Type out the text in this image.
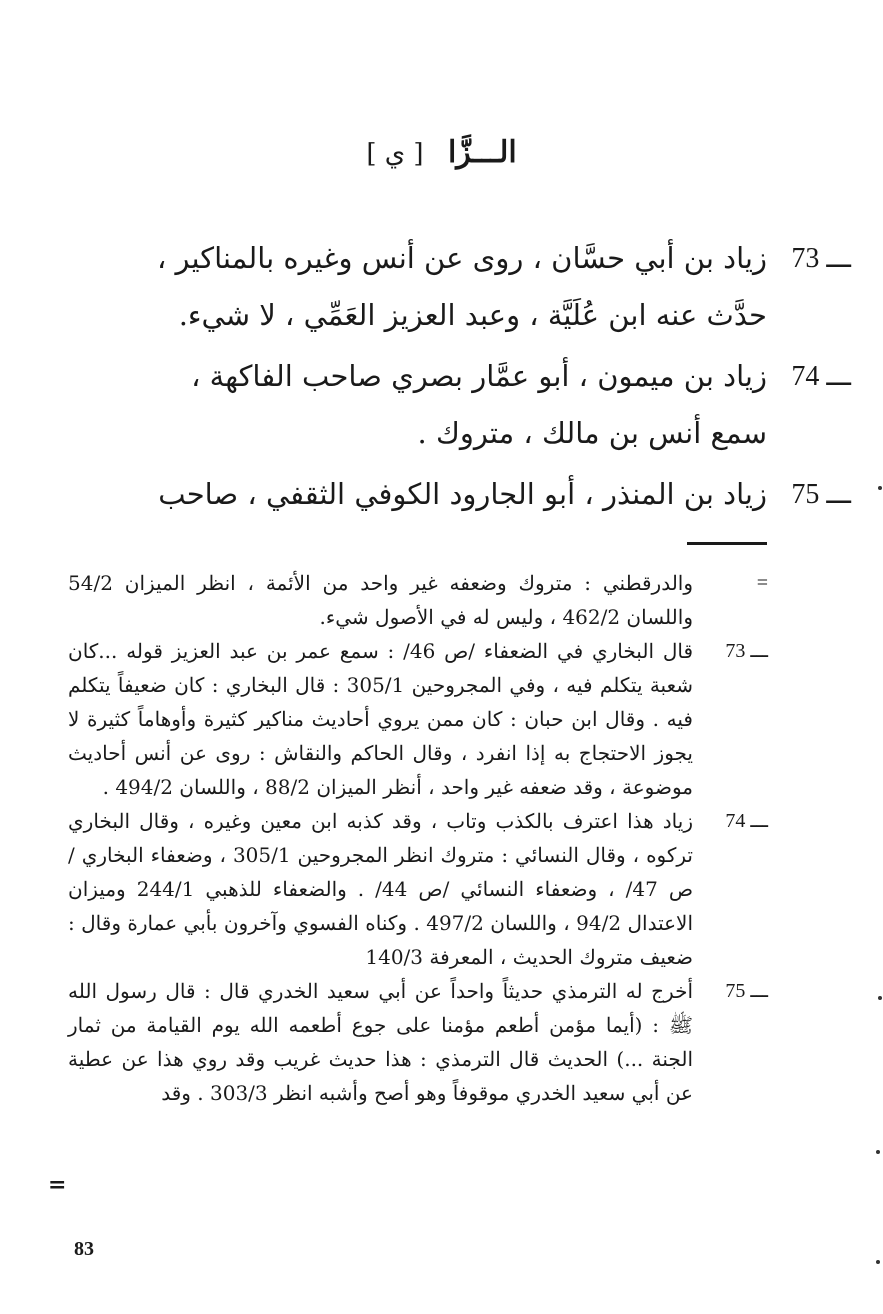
الـــزَّا [ ي ]
73 ـــ
زياد بن أبي حسَّان ، روى عن أنس وغيره بالمناكير ،
حدَّث عنه ابن عُلَيَّة ، وعبد العزيز العَمِّي ، لا شيء.
74 ـــ
زياد بن ميمون ، أبو عمَّار بصري صاحب الفاكهة ،
سمع أنس بن مالك ، متروك .
75 ـــ
زياد بن المنذر ، أبو الجارود الكوفي الثقفي ، صاحب
=
والدرقطني : متروك وضعفه غير واحد من الأئمة ، انظر الميزان 54/2 واللسان 462/2 ، وليس له في الأصول شيء.
73 ـــ
قال البخاري في الضعفاء /ص 46/ : سمع عمر بن عبد العزيز قوله ...كان شعبة يتكلم فيه ، وفي المجروحين 305/1 : قال البخاري : كان ضعيفاً يتكلم فيه . وقال ابن حبان : كان ممن يروي أحاديث مناكير كثيرة وأوهاماً كثيرة لا يجوز الاحتجاج به إذا انفرد ، وقال الحاكم والنقاش : روى عن أنس أحاديث موضوعة ، وقد ضعفه غير واحد ، أنظر الميزان 88/2 ، واللسان 494/2 .
74 ـــ
زياد هذا اعترف بالكذب وتاب ، وقد كذبه ابن معين وغيره ، وقال البخاري تركوه ، وقال النسائي : متروك انظر المجروحين 305/1 ، وضعفاء البخاري /ص 47/ ، وضعفاء النسائي /ص 44/ . والضعفاء للذهبي 244/1 وميزان الاعتدال 94/2 ، واللسان 497/2 . وكناه الفسوي وآخرون بأبي عمارة وقال : ضعيف متروك الحديث ، المعرفة 140/3
75 ـــ
أخرج له الترمذي حديثاً واحداً عن أبي سعيد الخدري قال : قال رسول الله ﷺ : (أيما مؤمن أطعم مؤمنا على جوع أطعمه الله يوم القيامة من ثمار الجنة ...) الحديث قال الترمذي : هذا حديث غريب وقد روي هذا عن عطية عن أبي سعيد الخدري موقوفاً وهو أصح وأشبه انظر 303/3 . وقد
=
83
